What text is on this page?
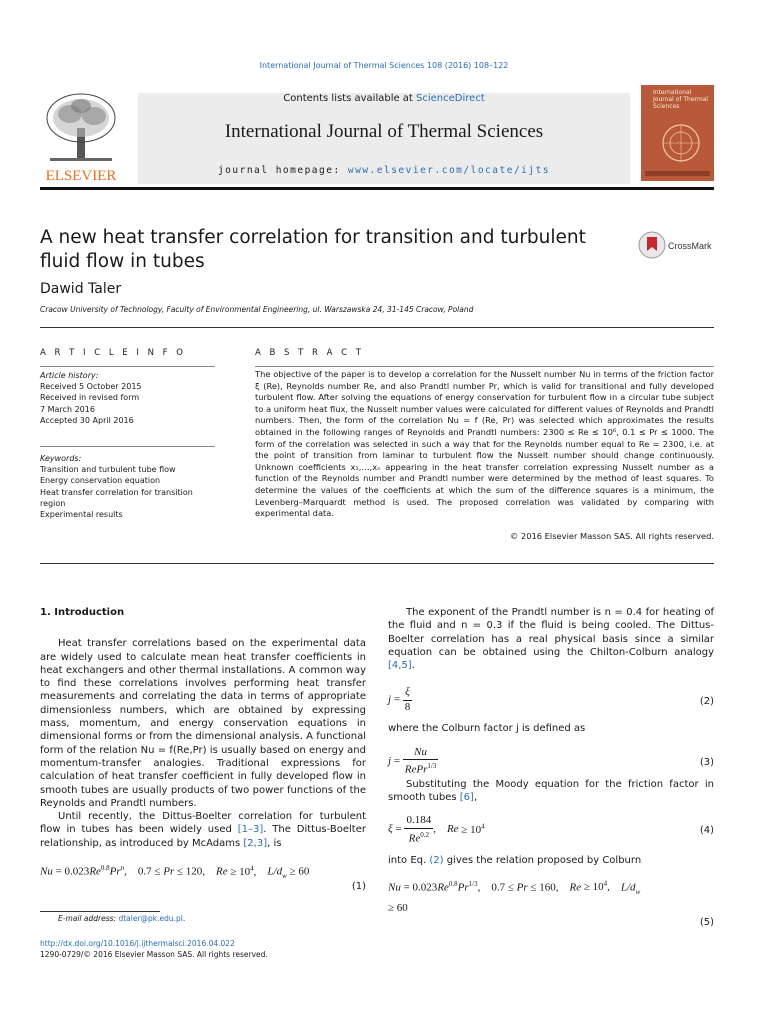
International Journal of Thermal Sciences 108 (2016) 108–122
ELSEVIER
Contents lists available at ScienceDirect
International Journal of Thermal Sciences
journal homepage: www.elsevier.com/locate/ijts
International Journal of Thermal Sciences
A new heat transfer correlation for transition and turbulent fluid flow in tubes
CrossMark
Dawid Taler
Cracow University of Technology, Faculty of Environmental Engineering, ul. Warszawska 24, 31-145 Cracow, Poland
A R T I C L E I N F O	A B S T R A C T
Article history:
Received 5 October 2015
Received in revised form
7 March 2016
Accepted 30 April 2016
Keywords:
Transition and turbulent tube flow
Energy conservation equation
Heat transfer correlation for transition
region
Experimental results
The objective of the paper is to develop a correlation for the Nusselt number Nu in terms of the friction factor ξ (Re), Reynolds number Re, and also Prandtl number Pr, which is valid for transitional and fully developed turbulent flow. After solving the equations of energy conservation for turbulent flow in a circular tube subject to a uniform heat flux, the Nusselt number values were calculated for different values of Reynolds and Prandtl numbers. Then, the form of the correlation Nu = f (Re, Pr) was selected which approximates the results obtained in the following ranges of Reynolds and Prandtl numbers: 2300 ≤ Re ≤ 10⁶, 0.1 ≤ Pr ≤ 1000. The form of the correlation was selected in such a way that for the Reynolds number equal to Re = 2300, i.e. at the point of transition from laminar to turbulent flow the Nusselt number should change continuously. Unknown coefficients x₁,…,xₙ appearing in the heat transfer correlation expressing Nusselt number as a function of the Reynolds number and Prandtl number were determined by the method of least squares. To determine the values of the coefficients at which the sum of the difference squares is a minimum, the Levenberg–Marquardt method is used. The proposed correlation was validated by comparing with experimental data.
© 2016 Elsevier Masson SAS. All rights reserved.
1. Introduction

Heat transfer correlations based on the experimental data are widely used to calculate mean heat transfer coefficients in heat exchangers and other thermal installations. A common way to find these correlations involves performing heat transfer measurements and correlating the data in terms of appropriate dimensionless numbers, which are obtained by expressing mass, momentum, and energy conservation equations in dimensional forms or from the dimensional analysis. A functional form of the relation Nu = f(Re,Pr) is usually based on energy and momentum-transfer analogies. Traditional expressions for calculation of heat transfer coefficient in fully developed flow in smooth tubes are usually products of two power functions of the Reynolds and Prandtl numbers.

Until recently, the Dittus-Boelter correlation for turbulent flow in tubes has been widely used [1–3]. The Dittus-Boelter relationship, as introduced by McAdams [2,3], is

$Nu = 0.023Re^{0.8}Pr^n$,    0.7 ≤ Pr ≤ 120,    $Re \ge 10^4$,    $L/d_w \ge 60$
(1)

The exponent of the Prandtl number is n = 0.4 for heating of the fluid and n = 0.3 if the fluid is being cooled. The Dittus-Boelter correlation has a real physical basis since a similar equation can be obtained using the Chilton-Colburn analogy [4,5].

$j = \frac{\xi}{8}$	(2)

where the Colburn factor j is defined as

$j = \frac{Nu}{RePr^{1/3}}$	(3)

Substituting the Moody equation for the friction factor in smooth tubes [6],

$\xi = \frac{0.184}{Re^{0.2}}$ ,    $Re \ge 10^4$	(4)

into Eq. (2) gives the relation proposed by Colburn

$Nu = 0.023Re^{0.8}Pr^{1/3}$,    0.7 ≤ Pr ≤ 160,    $Re \ge 10^4$,    $L/d_w$
≥ 60
(5)
E-mail address: dtaler@pk.edu.pl.
http://dx.doi.org/10.1016/j.ijthermalsci.2016.04.022
1290-0729/© 2016 Elsevier Masson SAS. All rights reserved.
